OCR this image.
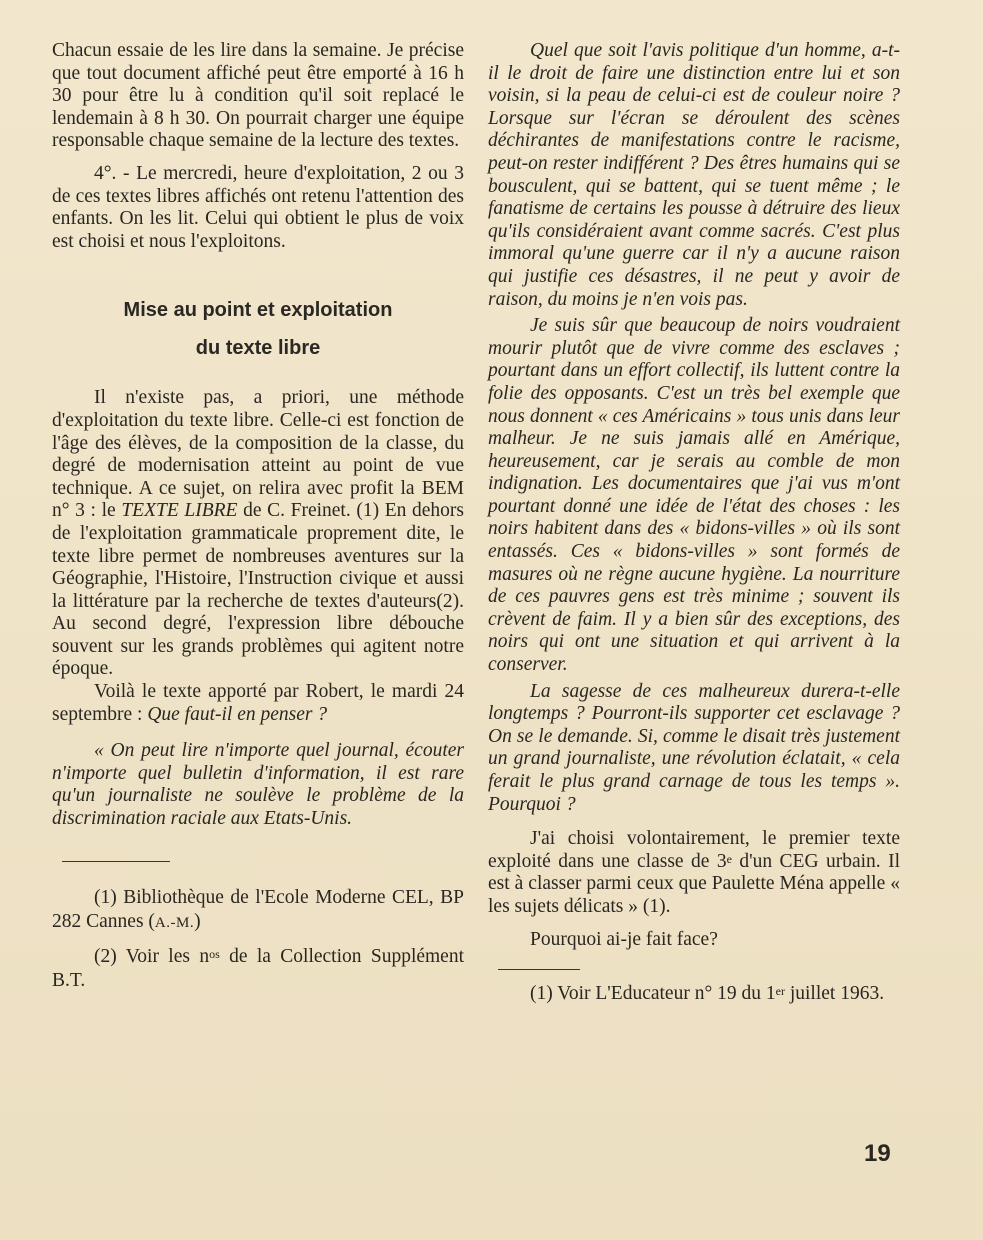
Chacun essaie de les lire dans la semaine. Je précise que tout document affiché peut être emporté à 16 h 30 pour être lu à condition qu'il soit replacé le lendemain à 8 h 30. On pourrait charger une équipe responsable chaque semaine de la lecture des textes.

4°. - Le mercredi, heure d'exploitation, 2 ou 3 de ces textes libres affichés ont retenu l'attention des enfants. On les lit. Celui qui obtient le plus de voix est choisi et nous l'exploitons.

Mise au point et exploitation
du texte libre

Il n'existe pas, a priori, une méthode d'exploitation du texte libre. Celle-ci est fonction de l'âge des élèves, de la composition de la classe, du degré de modernisation atteint au point de vue technique. A ce sujet, on relira avec profit la BEM n° 3 : le TEXTE LIBRE de C. Freinet. (1) En dehors de l'exploitation grammaticale proprement dite, le texte libre permet de nombreuses aventures sur la Géographie, l'Histoire, l'Instruction civique et aussi la littérature par la recherche de textes d'auteurs(2). Au second degré, l'expression libre débouche souvent sur les grands problèmes qui agitent notre époque.

Voilà le texte apporté par Robert, le mardi 24 septembre : Que faut-il en penser ?

« On peut lire n'importe quel journal, écouter n'importe quel bulletin d'information, il est rare qu'un journaliste ne soulève le problème de la discrimination raciale aux Etats-Unis.

(1) Bibliothèque de l'Ecole Moderne CEL, BP 282 Cannes (A.-M.)

(2) Voir les $n^{os}$ de la Collection Supplément B.T.

Quel que soit l'avis politique d'un homme, a-t-il le droit de faire une distinction entre lui et son voisin, si la peau de celui-ci est de couleur noire ? Lorsque sur l'écran se déroulent des scènes déchirantes de manifestations contre le racisme, peut-on rester indifférent ? Des êtres humains qui se bousculent, qui se battent, qui se tuent même ; le fanatisme de certains les pousse à détruire des lieux qu'ils considéraient avant comme sacrés. C'est plus immoral qu'une guerre car il n'y a aucune raison qui justifie ces désastres, il ne peut y avoir de raison, du moins je n'en vois pas.

Je suis sûr que beaucoup de noirs voudraient mourir plutôt que de vivre comme des esclaves ; pourtant dans un effort collectif, ils luttent contre la folie des opposants. C'est un très bel exemple que nous donnent « ces Américains » tous unis dans leur malheur. Je ne suis jamais allé en Amérique, heureusement, car je serais au comble de mon indignation. Les documentaires que j'ai vus m'ont pourtant donné une idée de l'état des choses : les noirs habitent dans des « bidons-villes » où ils sont entassés. Ces « bidons-villes » sont formés de masures où ne règne aucune hygiène. La nourriture de ces pauvres gens est très minime ; souvent ils crèvent de faim. Il y a bien sûr des exceptions, des noirs qui ont une situation et qui arrivent à la conserver.

La sagesse de ces malheureux durera-t-elle longtemps ? Pourront-ils supporter cet esclavage ? On se le demande. Si, comme le disait très justement un grand journaliste, une révolution éclatait, « cela ferait le plus grand carnage de tous les temps ». Pourquoi ?

J'ai choisi volontairement, le premier texte exploité dans une classe de 3e d'un CEG urbain. Il est à classer parmi ceux que Paulette Ména appelle « les sujets délicats » (1).

Pourquoi ai-je fait face?

(1) Voir L'Educateur n° 19 du 1er juillet 1963.

19
